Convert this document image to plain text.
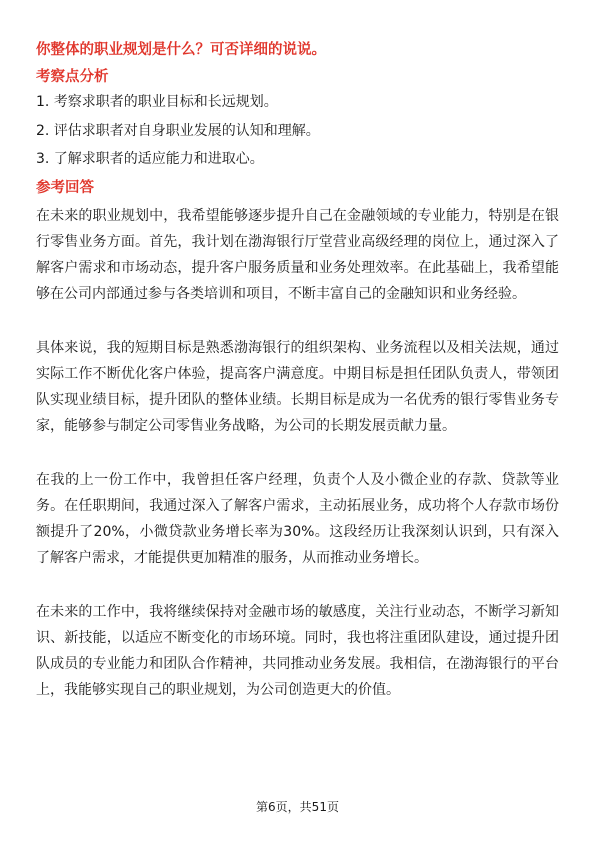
你整体的职业规划是什么？可否详细的说说。
考察点分析
1. 考察求职者的职业目标和长远规划。
2. 评估求职者对自身职业发展的认知和理解。
3. 了解求职者的适应能力和进取心。
参考回答

在未来的职业规划中，我希望能够逐步提升自己在金融领域的专业能力，特别是在银行零售业务方面。首先，我计划在渤海银行厅堂营业高级经理的岗位上，通过深入了解客户需求和市场动态，提升客户服务质量和业务处理效率。在此基础上，我希望能够在公司内部通过参与各类培训和项目，不断丰富自己的金融知识和业务经验。

具体来说，我的短期目标是熟悉渤海银行的组织架构、业务流程以及相关法规，通过实际工作不断优化客户体验，提高客户满意度。中期目标是担任团队负责人，带领团队实现业绩目标，提升团队的整体业绩。长期目标是成为一名优秀的银行零售业务专家，能够参与制定公司零售业务战略，为公司的长期发展贡献力量。

在我的上一份工作中，我曾担任客户经理，负责个人及小微企业的存款、贷款等业务。在任职期间，我通过深入了解客户需求，主动拓展业务，成功将个人存款市场份额提升了20%，小微贷款业务增长率为30%。这段经历让我深刻认识到，只有深入了解客户需求，才能提供更加精准的服务，从而推动业务增长。

在未来的工作中，我将继续保持对金融市场的敏感度，关注行业动态，不断学习新知识、新技能，以适应不断变化的市场环境。同时，我也将注重团队建设，通过提升团队成员的专业能力和团队合作精神，共同推动业务发展。我相信，在渤海银行的平台上，我能够实现自己的职业规划，为公司创造更大的价值。

第6页，共51页
